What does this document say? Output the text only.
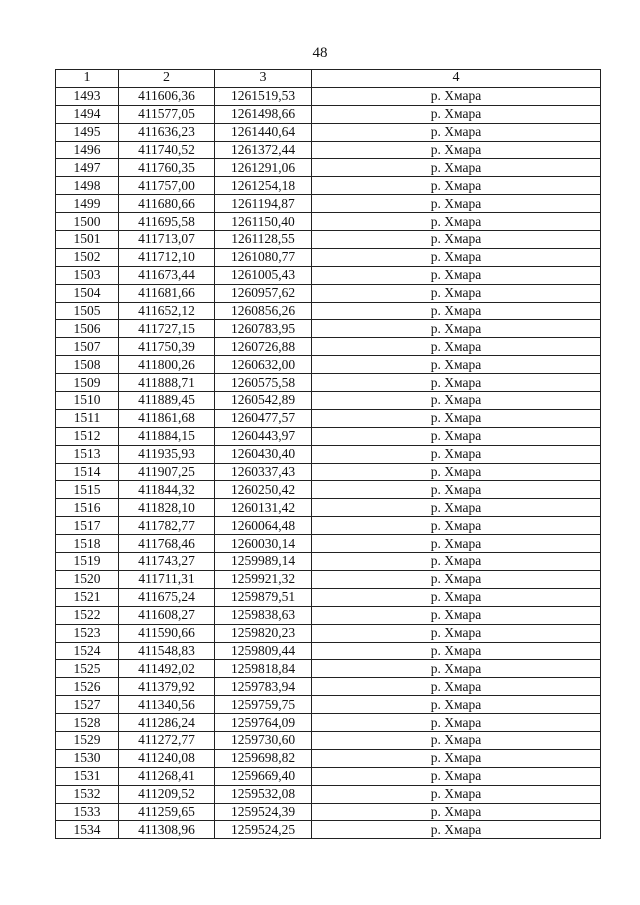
48
1	2	3	4
1493	411606,36	1261519,53	р. Хмара
1494	411577,05	1261498,66	р. Хмара
1495	411636,23	1261440,64	р. Хмара
1496	411740,52	1261372,44	р. Хмара
1497	411760,35	1261291,06	р. Хмара
1498	411757,00	1261254,18	р. Хмара
1499	411680,66	1261194,87	р. Хмара
1500	411695,58	1261150,40	р. Хмара
1501	411713,07	1261128,55	р. Хмара
1502	411712,10	1261080,77	р. Хмара
1503	411673,44	1261005,43	р. Хмара
1504	411681,66	1260957,62	р. Хмара
1505	411652,12	1260856,26	р. Хмара
1506	411727,15	1260783,95	р. Хмара
1507	411750,39	1260726,88	р. Хмара
1508	411800,26	1260632,00	р. Хмара
1509	411888,71	1260575,58	р. Хмара
1510	411889,45	1260542,89	р. Хмара
1511	411861,68	1260477,57	р. Хмара
1512	411884,15	1260443,97	р. Хмара
1513	411935,93	1260430,40	р. Хмара
1514	411907,25	1260337,43	р. Хмара
1515	411844,32	1260250,42	р. Хмара
1516	411828,10	1260131,42	р. Хмара
1517	411782,77	1260064,48	р. Хмара
1518	411768,46	1260030,14	р. Хмара
1519	411743,27	1259989,14	р. Хмара
1520	411711,31	1259921,32	р. Хмара
1521	411675,24	1259879,51	р. Хмара
1522	411608,27	1259838,63	р. Хмара
1523	411590,66	1259820,23	р. Хмара
1524	411548,83	1259809,44	р. Хмара
1525	411492,02	1259818,84	р. Хмара
1526	411379,92	1259783,94	р. Хмара
1527	411340,56	1259759,75	р. Хмара
1528	411286,24	1259764,09	р. Хмара
1529	411272,77	1259730,60	р. Хмара
1530	411240,08	1259698,82	р. Хмара
1531	411268,41	1259669,40	р. Хмара
1532	411209,52	1259532,08	р. Хмара
1533	411259,65	1259524,39	р. Хмара
1534	411308,96	1259524,25	р. Хмара
